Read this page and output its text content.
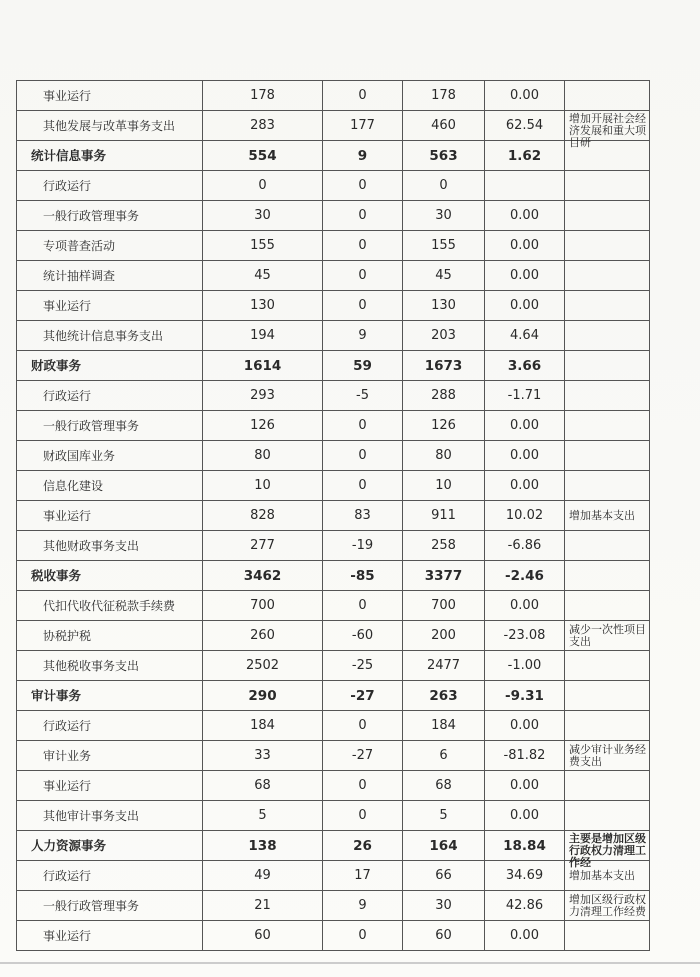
事业运行	178	0	178	0.00	

其他发展与改革事务支出	283	177	460	62.54	增加开展社会经济发展和重大项目研

统计信息事务	554	9	563	1.62	

行政运行	0	0	0		

一般行政管理事务	30	0	30	0.00	

专项普查活动	155	0	155	0.00	

统计抽样调查	45	0	45	0.00	

事业运行	130	0	130	0.00	

其他统计信息事务支出	194	9	203	4.64	

财政事务	1614	59	1673	3.66	

行政运行	293	-5	288	-1.71	

一般行政管理事务	126	0	126	0.00	

财政国库业务	80	0	80	0.00	

信息化建设	10	0	10	0.00	

事业运行	828	83	911	10.02	增加基本支出

其他财政事务支出	277	-19	258	-6.86	

税收事务	3462	-85	3377	-2.46	

代扣代收代征税款手续费	700	0	700	0.00	

协税护税	260	-60	200	-23.08	减少一次性项目支出

其他税收事务支出	2502	-25	2477	-1.00	

审计事务	290	-27	263	-9.31	

行政运行	184	0	184	0.00	

审计业务	33	-27	6	-81.82	减少审计业务经费支出

事业运行	68	0	68	0.00	

其他审计事务支出	5	0	5	0.00	

人力资源事务	138	26	164	18.84	主要是增加区级行政权力清理工作经

行政运行	49	17	66	34.69	增加基本支出

一般行政管理事务	21	9	30	42.86	增加区级行政权力清理工作经费

事业运行	60	0	60	0.00	
